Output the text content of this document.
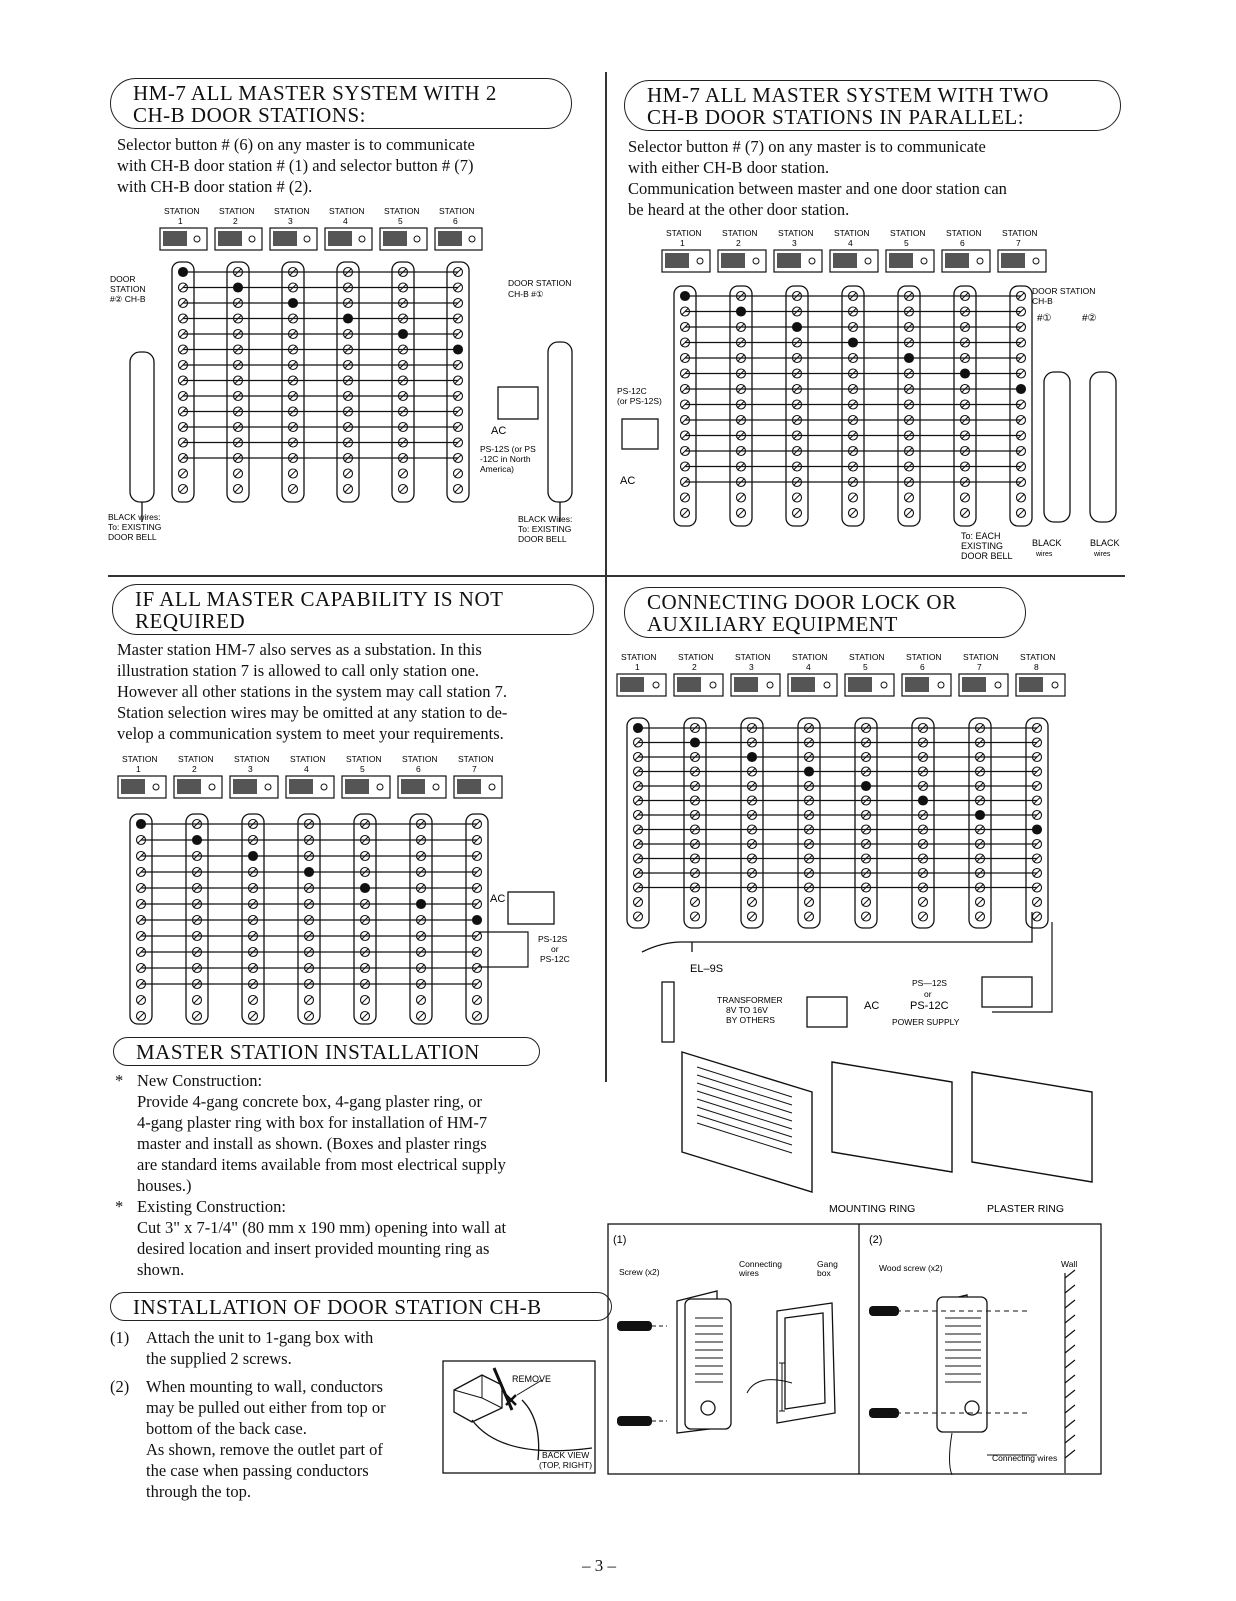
HM-7 ALL MASTER SYSTEM WITH 2
CH-B DOOR STATIONS:

Selector button # (6) on any master is to communicate

with CH-B door station # (1) and selector button # (7)

with CH-B door station # (2).

STATION
1
STATION
2
STATION
3
STATION
4
STATION
5
STATION
6
DOOR
STATION
#② CH-B
DOOR STATION
CH-B #①
PS-12S (or PS
-12C in North
America)
AC
BLACK wires:
To: EXISTING
DOOR BELL
BLACK Wires:
To: EXISTING
DOOR BELL
HM-7 ALL MASTER SYSTEM WITH TWO
CH-B DOOR STATIONS IN PARALLEL:

Selector button # (7) on any master is to communicate

with either CH-B door station.

Communication between master and one door station can

be heard at the other door station.

STATION
1
STATION
2
STATION
3
STATION
4
STATION
5
STATION
6
STATION
7
DOOR STATION
CH-B
#①	#②
PS-12C
(or PS-12S)
AC
To: EACH
EXISTING
DOOR BELL
BLACK
wires
BLACK
wires
IF ALL MASTER CAPABILITY IS NOT
REQUIRED

Master station HM-7 also serves as a substation. In this

illustration station 7 is allowed to call only station one.

However all other stations in the system may call station 7.

Station selection wires may be omitted at any station to de-

velop a communication system to meet your requirements.

STATION
1
STATION
2
STATION
3
STATION
4
STATION
5
STATION
6
STATION
7
AC
PS-12S
or
PS-12C
CONNECTING DOOR LOCK OR
AUXILIARY EQUIPMENT
STATION
1
STATION
2
STATION
3
STATION
4
STATION
5
STATION
6
STATION
7
STATION
8
EL–9S
TRANSFORMER
8V TO 16V
BY OTHERS
AC
PS—12S
or
PS-12C
POWER SUPPLY
MOUNTING RING	PLASTER RING
MASTER STATION INSTALLATION
* New Construction:
Provide 4-gang concrete box, 4-gang plaster ring, or
4-gang plaster ring with box for installation of HM-7
master and install as shown. (Boxes and plaster rings
are standard items available from most electrical supply
houses.)
* Existing Construction:
Cut 3" x 7-1/4" (80 mm x 190 mm) opening into wall at
desired location and insert provided mounting ring as
shown.
INSTALLATION OF DOOR STATION CH-B
(1)	Attach the unit to 1-gang box with
the supplied 2 screws.
(2)	When mounting to wall, conductors
may be pulled out either from top or
bottom of the back case.
As shown, remove the outlet part of
the case when passing conductors
through the top.
REMOVE
BACK VIEW
(TOP, RIGHT)
(1)	(2)
Screw (x2)
Connecting
wires
Gang
box	Wood screw (x2)	Wall
Connecting wires
– 3 –
